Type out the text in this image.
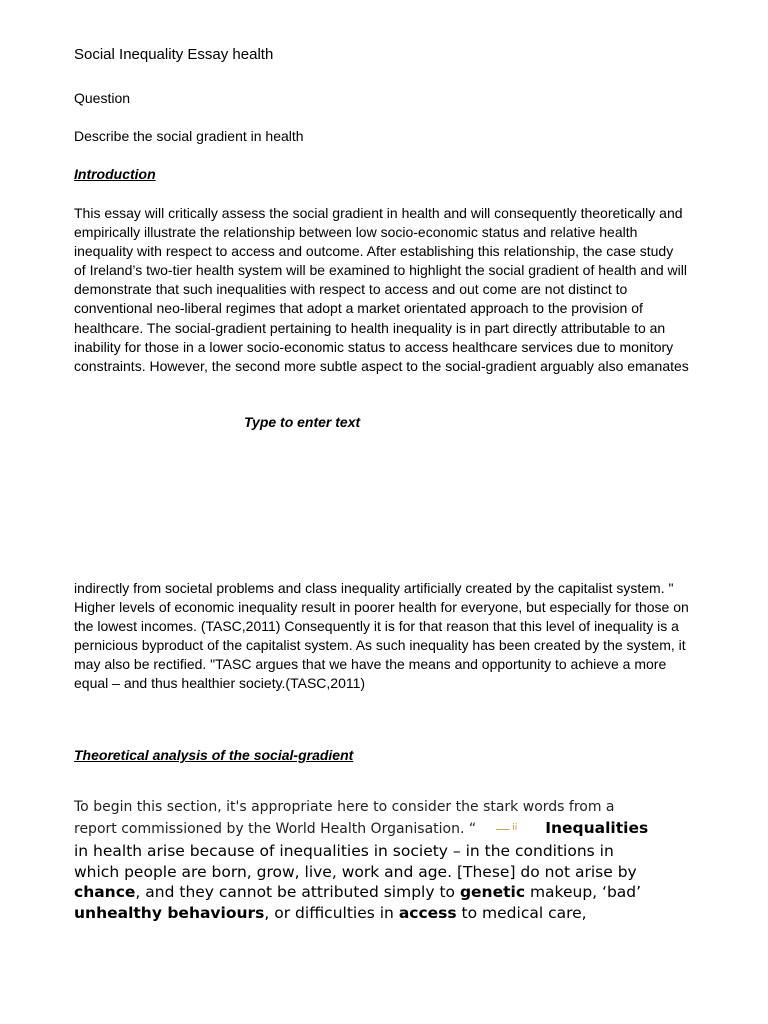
Social Inequality Essay health
Question
Describe the social gradient in health
Introduction
This essay will critically assess the social gradient in health and will consequently theoretically and
empirically illustrate the relationship between low socio-economic status and relative health
inequality with respect to access and outcome. After establishing this relationship, the case study
of Ireland’s two-tier health system will be examined to highlight the social gradient of health and will
demonstrate that such inequalities with respect to access and out come are not distinct to
conventional neo-liberal regimes that adopt a market orientated approach to the provision of
healthcare. The social-gradient pertaining to health inequality is in part directly attributable to an
inability for those in a lower socio-economic status to access healthcare services due to monitory
constraints. However, the second more subtle aspect to the social-gradient arguably also emanates
Type to enter text
indirectly from societal problems and class inequality artificially created by the capitalist system. "
Higher levels of economic inequality result in poorer health for everyone, but especially for those on
the lowest incomes. (TASC,2011) Consequently it is for that reason that this level of inequality is a
pernicious byproduct of the capitalist system. As such inequality has been created by the system, it
may also be rectified. "TASC argues that we have the means and opportunity to achieve a more
equal – and thus healthier society.(TASC,2011)
Theoretical analysis of the social-gradient
To begin this section, it's appropriate here to consider the stark words from a
report commissioned by the World Health Organisation. “ $^{ـــــ ii}$ Inequalities
in health arise because of inequalities in society – in the conditions in
which people are born, grow, live, work and age. [These] do not arise by
chance, and they cannot be attributed simply to genetic makeup, ‘bad’
unhealthy behaviours, or difficulties in access to medical care,
